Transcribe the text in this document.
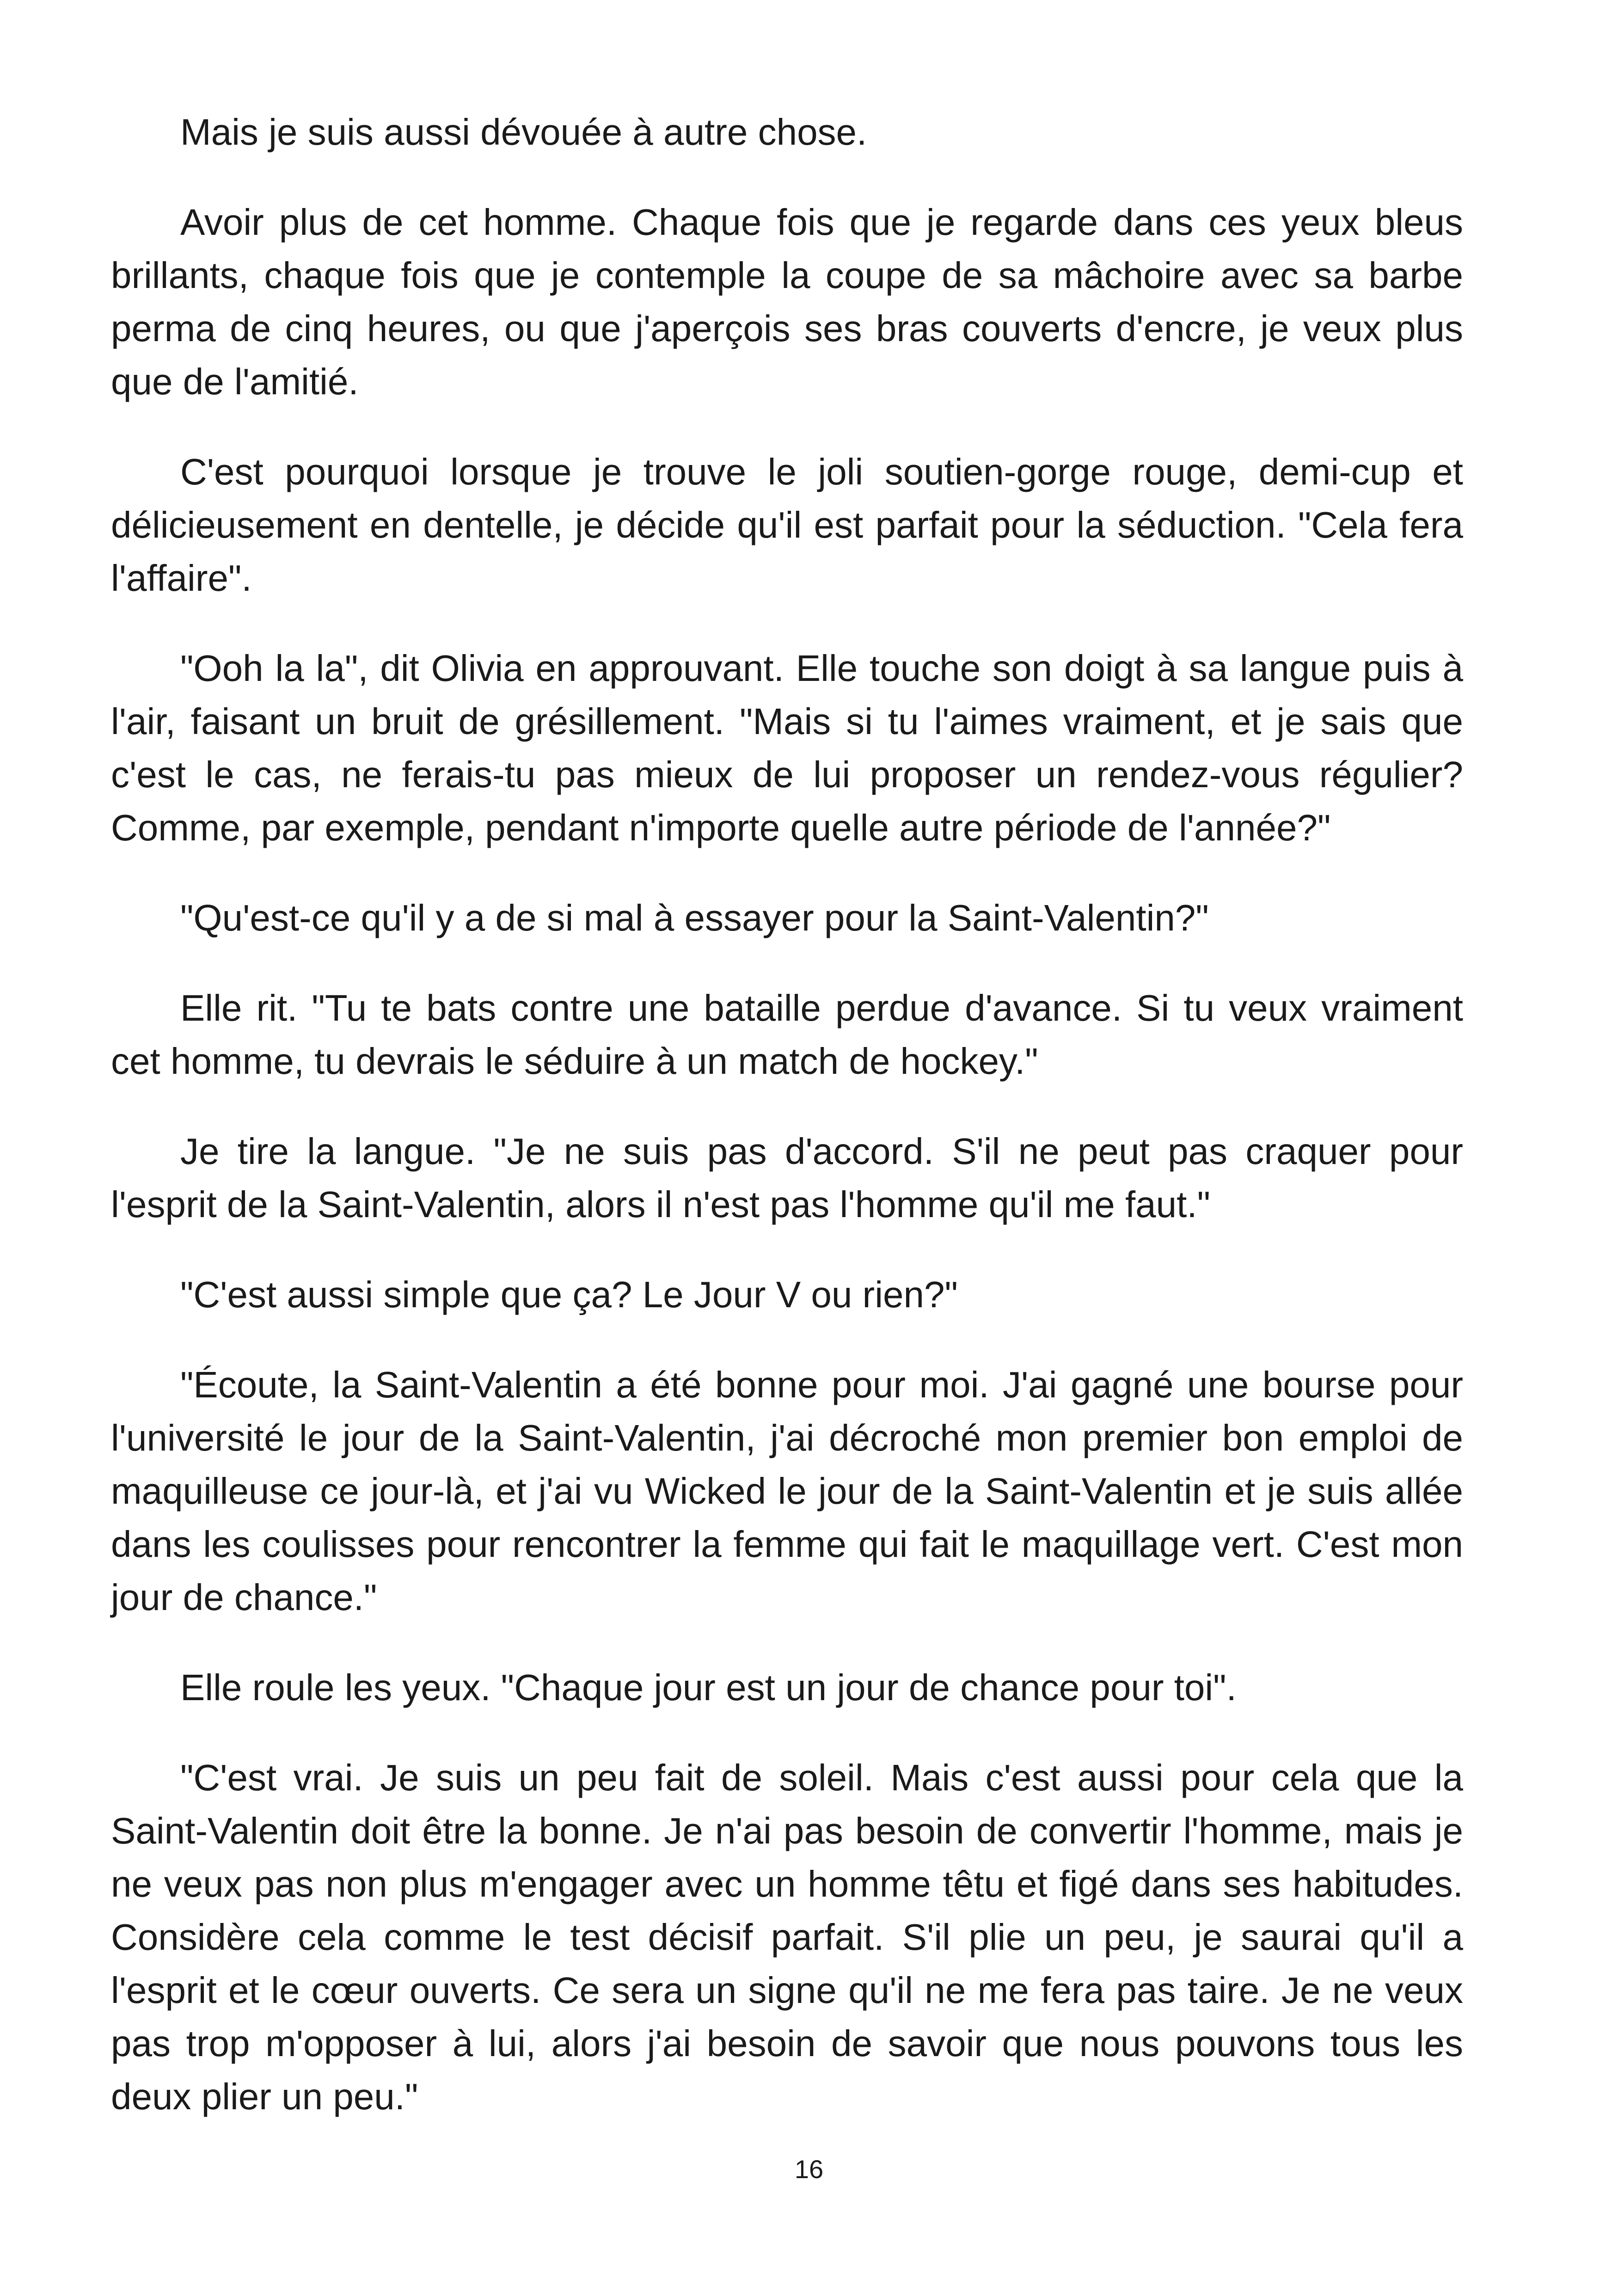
Mais je suis aussi dévouée à autre chose.

Avoir plus de cet homme. Chaque fois que je regarde dans ces yeux bleus brillants, chaque fois que je contemple la coupe de sa mâchoire avec sa barbe perma de cinq heures, ou que j'aperçois ses bras couverts d'encre, je veux plus que de l'amitié.

C'est pourquoi lorsque je trouve le joli soutien-gorge rouge, demi-cup et délicieusement en dentelle, je décide qu'il est parfait pour la séduction. "Cela fera l'affaire".

"Ooh la la", dit Olivia en approuvant. Elle touche son doigt à sa langue puis à l'air, faisant un bruit de grésillement. "Mais si tu l'aimes vraiment, et je sais que c'est le cas, ne ferais-tu pas mieux de lui proposer un rendez-vous régulier? Comme, par exemple, pendant n'importe quelle autre période de l'année?"

"Qu'est-ce qu'il y a de si mal à essayer pour la Saint-Valentin?"

Elle rit. "Tu te bats contre une bataille perdue d'avance. Si tu veux vraiment cet homme, tu devrais le séduire à un match de hockey."

Je tire la langue. "Je ne suis pas d'accord. S'il ne peut pas craquer pour l'esprit de la Saint-Valentin, alors il n'est pas l'homme qu'il me faut."

"C'est aussi simple que ça? Le Jour V ou rien?"

"Écoute, la Saint-Valentin a été bonne pour moi. J'ai gagné une bourse pour l'université le jour de la Saint-Valentin, j'ai décroché mon premier bon emploi de maquilleuse ce jour-là, et j'ai vu Wicked le jour de la Saint-Valentin et je suis allée dans les coulisses pour rencontrer la femme qui fait le maquillage vert. C'est mon jour de chance."

Elle roule les yeux. "Chaque jour est un jour de chance pour toi".

"C'est vrai. Je suis un peu fait de soleil. Mais c'est aussi pour cela que la Saint-Valentin doit être la bonne. Je n'ai pas besoin de convertir l'homme, mais je ne veux pas non plus m'engager avec un homme têtu et figé dans ses habitudes. Considère cela comme le test décisif parfait. S'il plie un peu, je saurai qu'il a l'esprit et le cœur ouverts. Ce sera un signe qu'il ne me fera pas taire. Je ne veux pas trop m'opposer à lui, alors j'ai besoin de savoir que nous pouvons tous les deux plier un peu."

16
